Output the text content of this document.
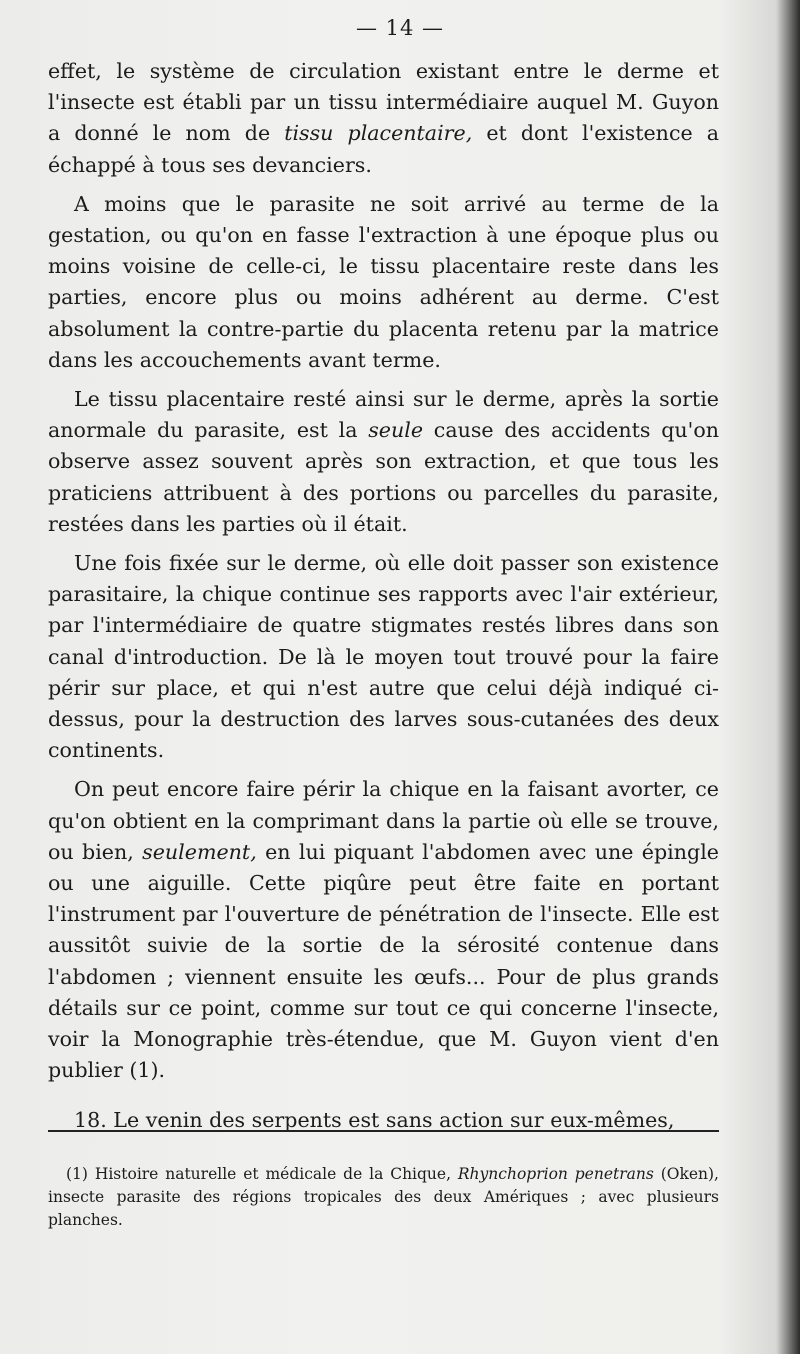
— 14 —

effet, le système de circulation existant entre le derme et l'insecte est établi par un tissu intermédiaire auquel M. Guyon a donné le nom de tissu placentaire, et dont l'existence a échappé à tous ses devanciers.

A moins que le parasite ne soit arrivé au terme de la gestation, ou qu'on en fasse l'extraction à une époque plus ou moins voisine de celle-ci, le tissu placentaire reste dans les parties, encore plus ou moins adhérent au derme. C'est absolument la contre-partie du placenta retenu par la matrice dans les accouchements avant terme.

Le tissu placentaire resté ainsi sur le derme, après la sortie anormale du parasite, est la seule cause des accidents qu'on observe assez souvent après son extraction, et que tous les praticiens attribuent à des portions ou parcelles du parasite, restées dans les parties où il était.

Une fois fixée sur le derme, où elle doit passer son existence parasitaire, la chique continue ses rapports avec l'air extérieur, par l'intermédiaire de quatre stigmates restés libres dans son canal d'introduction. De là le moyen tout trouvé pour la faire périr sur place, et qui n'est autre que celui déjà indiqué ci-dessus, pour la destruction des larves sous-cutanées des deux continents.

On peut encore faire périr la chique en la faisant avorter, ce qu'on obtient en la comprimant dans la partie où elle se trouve, ou bien, seulement, en lui piquant l'abdomen avec une épingle ou une aiguille. Cette piqûre peut être faite en portant l'instrument par l'ouverture de pénétration de l'insecte. Elle est aussitôt suivie de la sortie de la sérosité contenue dans l'abdomen ; viennent ensuite les œufs... Pour de plus grands détails sur ce point, comme sur tout ce qui concerne l'insecte, voir la Monographie très-étendue, que M. Guyon vient d'en publier (1).

18. Le venin des serpents est sans action sur eux-mêmes,

(1) Histoire naturelle et médicale de la Chique, Rhynchoprion penetrans (Oken), insecte parasite des régions tropicales des deux Amériques ; avec plusieurs planches.
